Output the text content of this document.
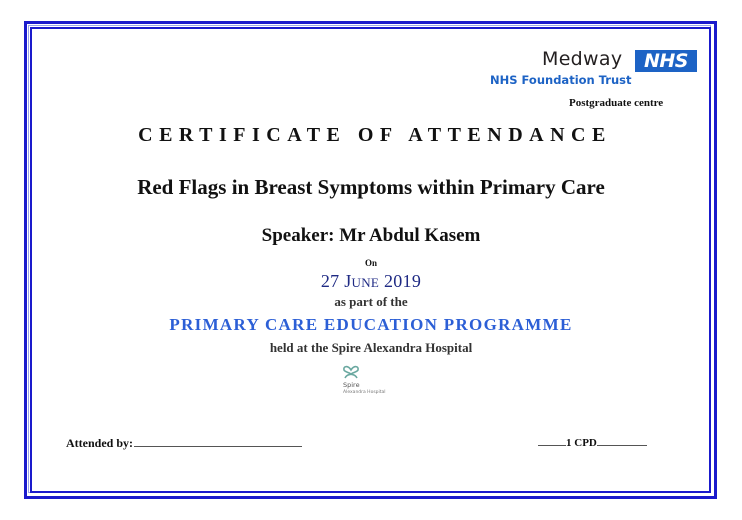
Medway	NHS
NHS Foundation Trust
Postgraduate centre
CERTIFICATE OF ATTENDANCE
Red Flags in Breast Symptoms within Primary Care
Speaker: Mr Abdul Kasem
On
27 June 2019
as part of the
PRIMARY CARE EDUCATION PROGRAMME
held at the Spire Alexandra Hospital
Spire
Alexandra Hospital
Attended by:	1 CPD
